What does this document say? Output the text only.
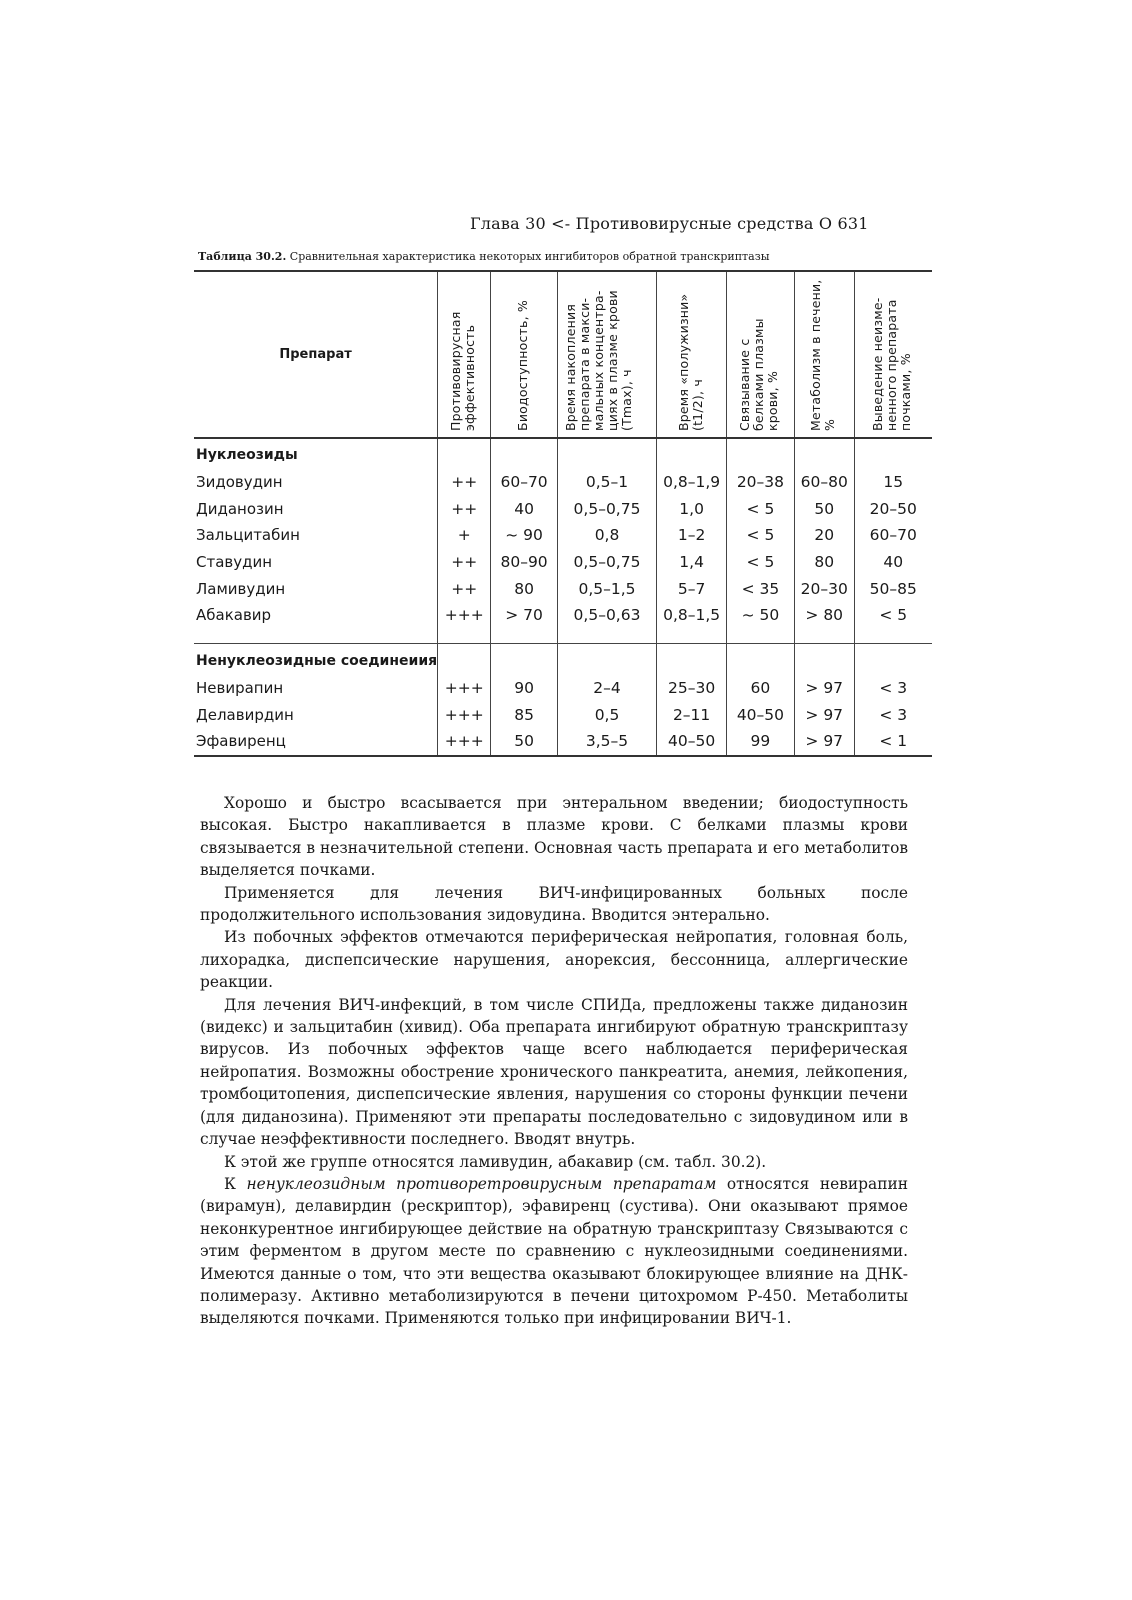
Глава 30 <- Противовирусные средства О 631
Таблица 30.2. Сравнительная характеристика некоторых ингибиторов обратной транскриптазы
Препарат	Противовирусная эффективность	Биодоступность, %	Время накопления препарата в макси-мальных концентра-циях в плазме крови (Tmax), ч	Время «полужизни» (t1/2), ч	Связывание с белками плазмы крови, %	Метаболизм в печени, %	Выведение неизме-ненного препарата почками, %

Нуклеозиды							
Зидовудин	++	60–70	0,5–1	0,8–1,9	20–38	60–80	15
Диданозин	++	40	0,5–0,75	1,0	< 5	50	20–50
Зальцитабин	+	~ 90	0,8	1–2	< 5	20	60–70
Ставудин	++	80–90	0,5–0,75	1,4	< 5	80	40
Ламивудин	++	80	0,5–1,5	5–7	< 35	20–30	50–85
Абакавир	+++	> 70	0,5–0,63	0,8–1,5	~ 50	> 80	< 5

Ненуклеозидные соединеиия							
Невирапин	+++	90	2–4	25–30	60	> 97	< 3
Делавирдин	+++	85	0,5	2–11	40–50	> 97	< 3
Эфавиренц	+++	50	3,5–5	40–50	99	> 97	< 1

Хорошо и быстро всасывается при энтеральном введении; биодоступность высокая. Быстро накапливается в плазме крови. С белками плазмы крови связывается в незначительной степени. Основная часть препарата и его метаболитов выделяется почками.

Применяется для лечения ВИЧ-инфицированных больных после продолжительного использования зидовудина. Вводится энтерально.

Из побочных эффектов отмечаются периферическая нейропатия, головная боль, лихорадка, диспепсические нарушения, анорексия, бессонница, аллергические реакции.

Для лечения ВИЧ-инфекций, в том числе СПИДа, предложены также диданозин (видекс) и зальцитабин (хивид). Оба препарата ингибируют обратную транскриптазу вирусов. Из побочных эффектов чаще всего наблюдается периферическая нейропатия. Возможны обострение хронического панкреатита, анемия, лейкопения, тромбоцитопения, диспепсические явления, нарушения со стороны функции печени (для диданозина). Применяют эти препараты последовательно с зидовудином или в случае неэффективности последнего. Вводят внутрь.

К этой же группе относятся ламивудин, абакавир (см. табл. 30.2).

К ненуклеозидным противоретровирусным препаратам относятся невирапин (вирамун), делавирдин (рескриптор), эфавиренц (сустива). Они оказывают прямое неконкурентное ингибирующее действие на обратную транскриптазу Связываются с этим ферментом в другом месте по сравнению с нуклеозидными соединениями. Имеются данные о том, что эти вещества оказывают блокирующее влияние на ДНК-полимеразу. Активно метаболизируются в печени цитохромом Р-450. Метаболиты выделяются почками. Применяются только при инфицировании ВИЧ-1.
